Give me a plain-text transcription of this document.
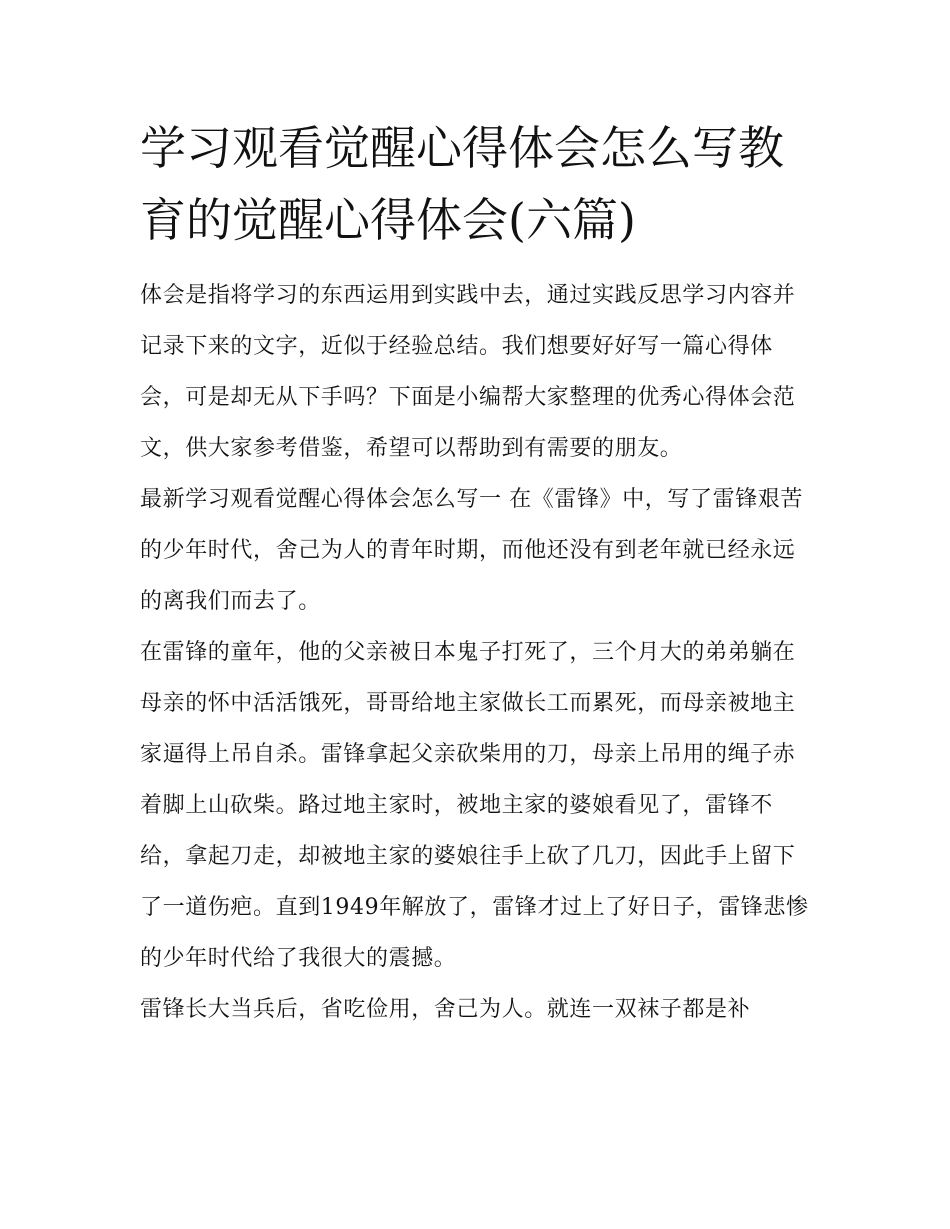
学习观看觉醒心得体会怎么写教育的觉醒心得体会(六篇)

体会是指将学习的东西运用到实践中去，通过实践反思学习内容并记录下来的文字，近似于经验总结。我们想要好好写一篇心得体会，可是却无从下手吗？下面是小编帮大家整理的优秀心得体会范文，供大家参考借鉴，希望可以帮助到有需要的朋友。

最新学习观看觉醒心得体会怎么写一 在《雷锋》中，写了雷锋艰苦的少年时代，舍己为人的青年时期，而他还没有到老年就已经永远的离我们而去了。

在雷锋的童年，他的父亲被日本鬼子打死了，三个月大的弟弟躺在母亲的怀中活活饿死，哥哥给地主家做长工而累死，而母亲被地主家逼得上吊自杀。雷锋拿起父亲砍柴用的刀，母亲上吊用的绳子赤着脚上山砍柴。路过地主家时，被地主家的婆娘看见了，雷锋不给，拿起刀走，却被地主家的婆娘往手上砍了几刀，因此手上留下了一道伤疤。直到1949年解放了，雷锋才过上了好日子，雷锋悲惨的少年时代给了我很大的震撼。

雷锋长大当兵后，省吃俭用，舍己为人。就连一双袜子都是补
